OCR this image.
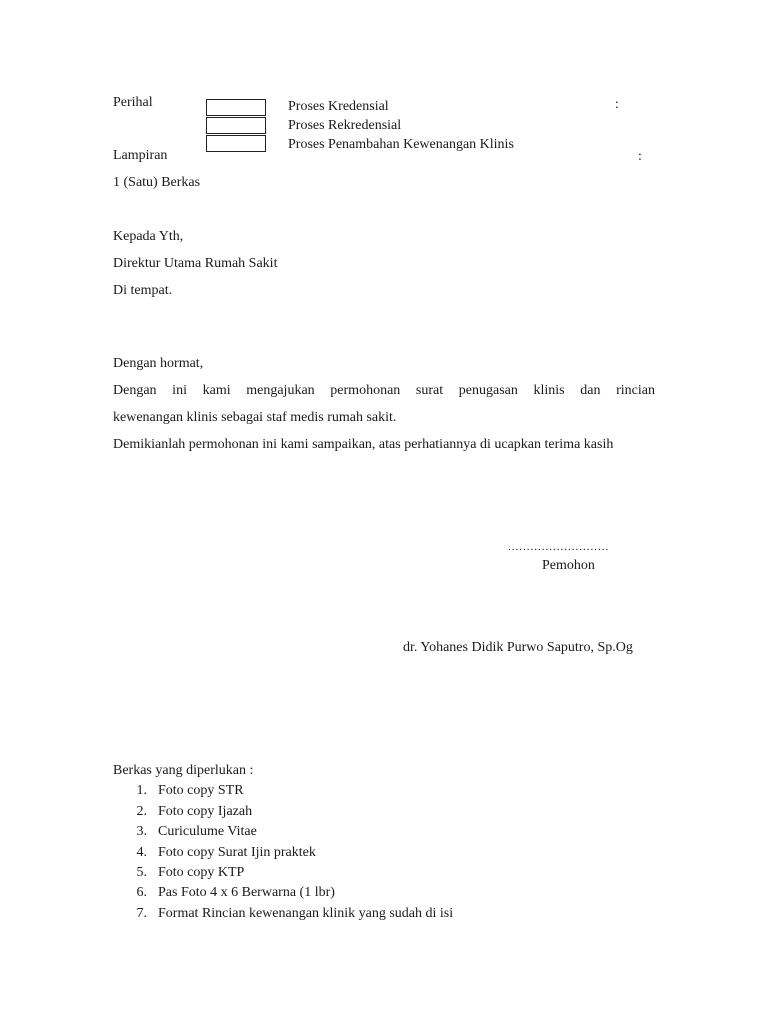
Perihal	:
Proses Kredensial
Proses Rekredensial
Proses Penambahan Kewenangan Klinis
Lampiran	:
1 (Satu) Berkas
Kepada Yth,
Direktur Utama Rumah Sakit
Di tempat.
Dengan hormat,
Dengan ini kami mengajukan permohonan surat penugasan klinis dan rincian
kewenangan klinis sebagai staf medis rumah sakit.
Demikianlah permohonan ini kami sampaikan, atas perhatiannya di ucapkan terima kasih
...........................
Pemohon
dr. Yohanes Didik Purwo Saputro, Sp.Og
Berkas yang diperlukan :
1. Foto copy STR
2. Foto copy Ijazah
3. Curiculume Vitae
4. Foto copy Surat Ijin praktek
5. Foto copy KTP
6. Pas Foto 4 x 6 Berwarna (1 lbr)
7. Format Rincian kewenangan klinik yang sudah di isi
